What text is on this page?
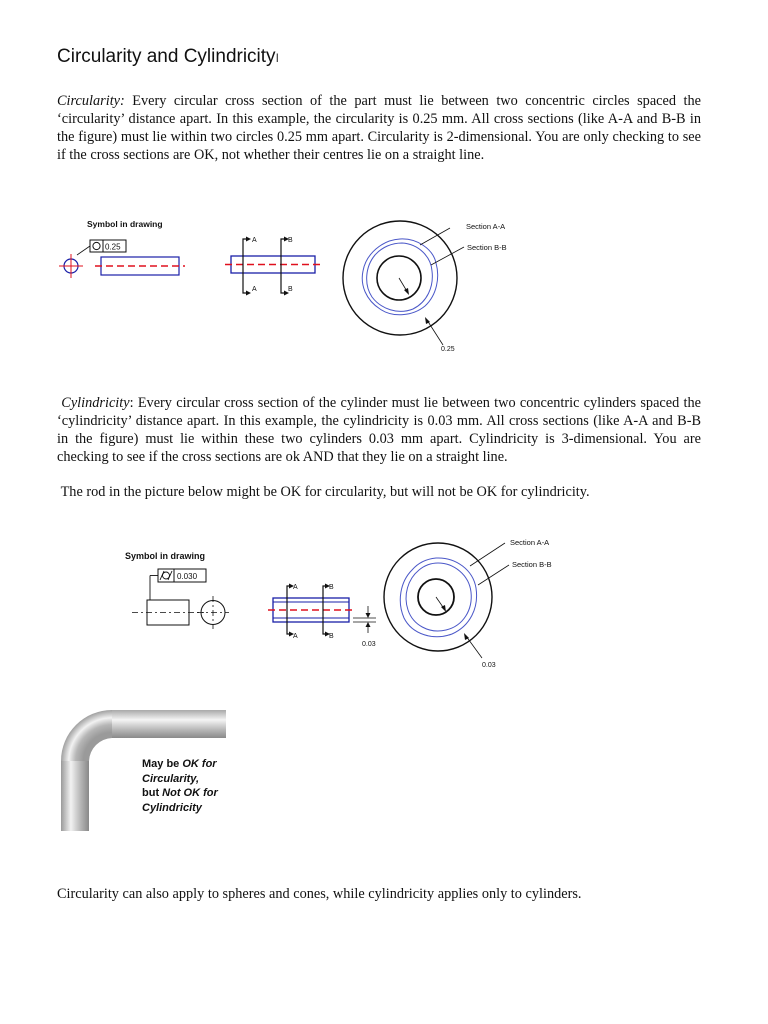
Circularity and CylindricityI

Circularity: Every circular cross section of the part must lie between two concentric circles spaced the ‘circularity’ distance apart. In this example, the circularity is 0.25 mm. All cross sections (like A-A and B-B in the figure) must lie within two circles 0.25 mm apart. Circularity is 2-dimensional. You are only checking to see if the cross sections are OK, not whether their centres lie on a straight line.

Symbol in drawing
0.25
A	B
A	B
Section A-A
Section B-B
0.25

Cylindricity: Every circular cross section of the cylinder must lie between two concentric cylinders spaced the ‘cylindricity’ distance apart. In this example, the cylindricity is 0.03 mm. All cross sections (like A-A and B-B in the figure) must lie within these two cylinders 0.03 mm apart. Cylindricity is 3-dimensional. You are checking to see if the cross sections are ok AND that they lie on a straight line.

The rod in the picture below might be OK for circularity, but will not be OK for cylindricity.

Symbol in drawing
0.030
A	B
A	B
0.03
Section A-A
Section B-B
0.03
May be OK for
Circularity,
but Not OK for
Cylindricity

Circularity can also apply to spheres and cones, while cylindricity applies only to cylinders.
